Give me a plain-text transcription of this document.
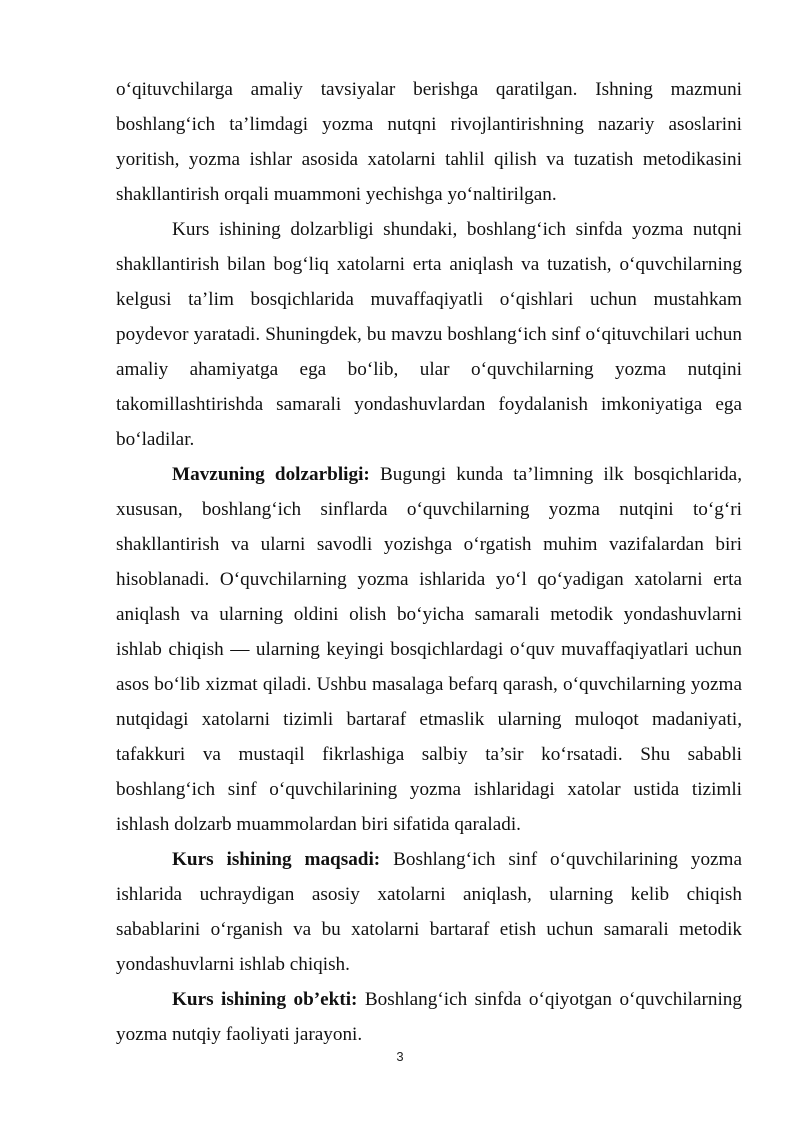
o‘qituvchilarga amaliy tavsiyalar berishga qaratilgan. Ishning mazmuni boshlang‘ich ta’limdagi yozma nutqni rivojlantirishning nazariy asoslarini yoritish, yozma ishlar asosida xatolarni tahlil qilish va tuzatish metodikasini shakllantirish orqali muammoni yechishga yo‘naltirilgan.

Kurs ishining dolzarbligi shundaki, boshlang‘ich sinfda yozma nutqni shakllantirish bilan bog‘liq xatolarni erta aniqlash va tuzatish, o‘quvchilarning kelgusi ta’lim bosqichlarida muvaffaqiyatli o‘qishlari uchun mustahkam poydevor yaratadi. Shuningdek, bu mavzu boshlang‘ich sinf o‘qituvchilari uchun amaliy ahamiyatga ega bo‘lib, ular o‘quvchilarning yozma nutqini takomillashtirishda samarali yondashuvlardan foydalanish imkoniyatiga ega bo‘ladilar.

Mavzuning dolzarbligi: Bugungi kunda ta’limning ilk bosqichlarida, xususan, boshlang‘ich sinflarda o‘quvchilarning yozma nutqini to‘g‘ri shakllantirish va ularni savodli yozishga o‘rgatish muhim vazifalardan biri hisoblanadi. O‘quvchilarning yozma ishlarida yo‘l qo‘yadigan xatolarni erta aniqlash va ularning oldini olish bo‘yicha samarali metodik yondashuvlarni ishlab chiqish — ularning keyingi bosqichlardagi o‘quv muvaffaqiyatlari uchun asos bo‘lib xizmat qiladi. Ushbu masalaga befarq qarash, o‘quvchilarning yozma nutqidagi xatolarni tizimli bartaraf etmaslik ularning muloqot madaniyati, tafakkuri va mustaqil fikrlashiga salbiy ta’sir ko‘rsatadi. Shu sababli boshlang‘ich sinf o‘quvchilarining yozma ishlaridagi xatolar ustida tizimli ishlash dolzarb muammolardan biri sifatida qaraladi.

Kurs ishining maqsadi: Boshlang‘ich sinf o‘quvchilarining yozma ishlarida uchraydigan asosiy xatolarni aniqlash, ularning kelib chiqish sabablarini o‘rganish va bu xatolarni bartaraf etish uchun samarali metodik yondashuvlarni ishlab chiqish.

Kurs ishining ob’ekti: Boshlang‘ich sinfda o‘qiyotgan o‘quvchilarning yozma nutqiy faoliyati jarayoni.

3
